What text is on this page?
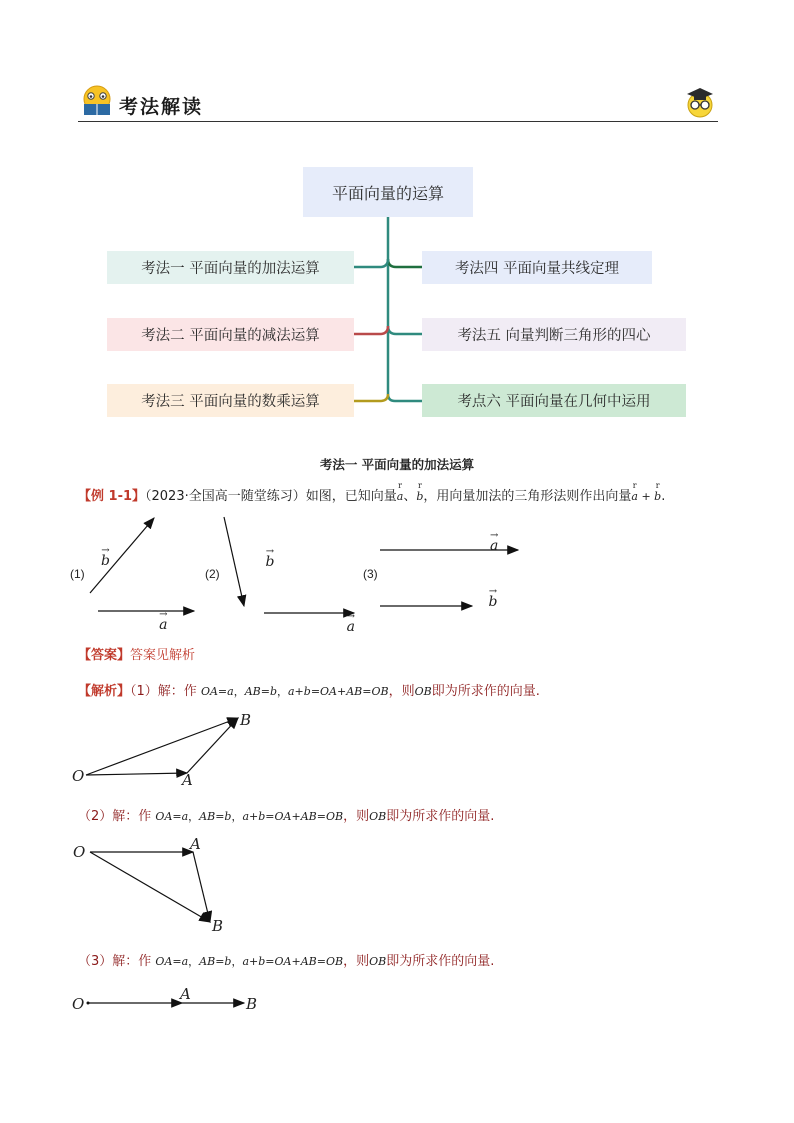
考法解读
平面向量的运算
考法一 平面向量的加法运算
考法二 平面向量的减法运算
考法三 平面向量的数乘运算
考法四 平面向量共线定理
考法五 向量判断三角形的四心
考点六 平面向量在几何中运用
考法一 平面向量的加法运算
【例 1-1】（2023·全国高一随堂练习）如图，已知向量
r
a、
r
b，用向量加法的三角形法则作出向量
r
a +
r
b.
(1)	(2)	(3)
→
b
→
a
→
b
→
a
→
a
→
b
【答案】答案见解析
【解析】（1）解：作 OA=a，AB=b，a+b=OA+AB=OB，则OB即为所求作的向量.
O	A
B
（2）解：作 OA=a，AB=b，a+b=OA+AB=OB，则OB即为所求作的向量.
O	A
B
（3）解：作 OA=a，AB=b，a+b=OA+AB=OB，则OB即为所求作的向量.
O
A
B
